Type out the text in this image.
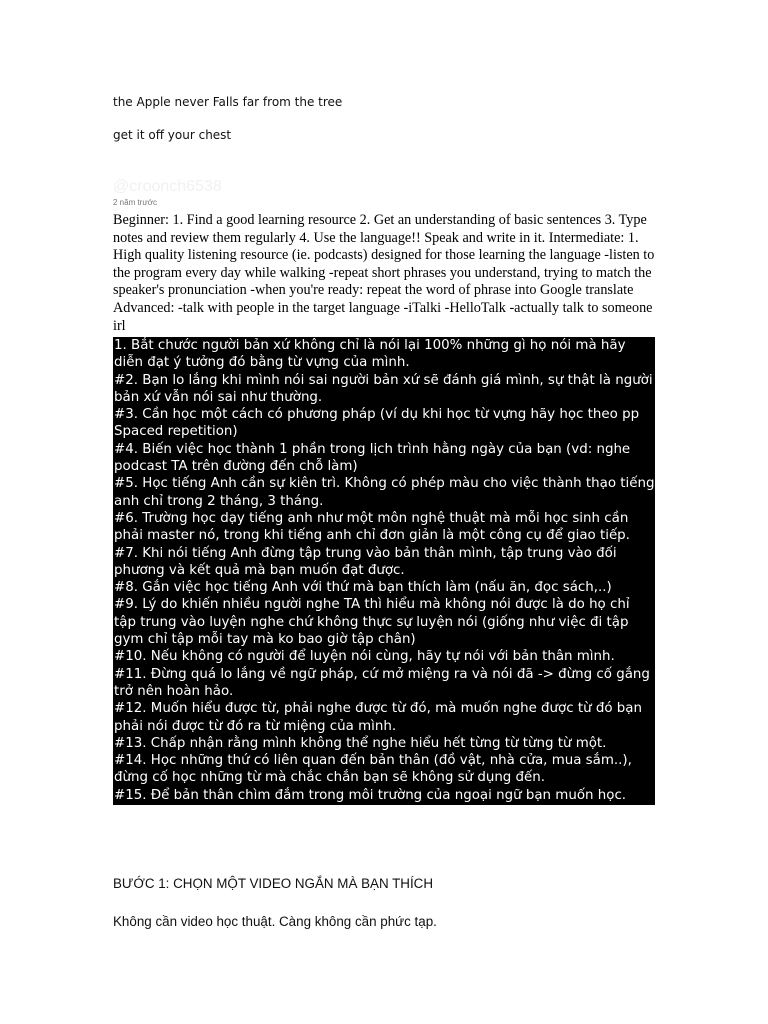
the Apple never Falls far from the tree
get it off your chest
@croonch6538
2 năm trước
Beginner: 1. Find a good learning resource 2. Get an understanding of basic sentences 3. Type notes and review them regularly 4. Use the language!! Speak and write in it. Intermediate: 1. High quality listening resource (ie. podcasts) designed for those learning the language -listen to the program every day while walking -repeat short phrases you understand, trying to match the speaker's pronunciation -when you're ready: repeat the word of phrase into Google translate Advanced: -talk with people in the target language -iTalki -HelloTalk -actually talk to someone irl
1. Bắt chước người bản xứ không chỉ là nói lại 100% những gì họ nói mà hãy diễn đạt ý tưởng đó bằng từ vựng của mình.
#2. Bạn lo lắng khi mình nói sai người bản xứ sẽ đánh giá mình, sự thật là người bản xứ vẫn nói sai như thường.
#3. Cần học một cách có phương pháp (ví dụ khi học từ vựng hãy học theo pp Spaced repetition)
#4. Biến việc học thành 1 phần trong lịch trình hằng ngày của bạn (vd: nghe podcast TA trên đường đến chỗ làm)
#5. Học tiếng Anh cần sự kiên trì. Không có phép màu cho việc thành thạo tiếng anh chỉ trong 2 tháng, 3 tháng.
#6. Trường học dạy tiếng anh như một môn nghệ thuật mà mỗi học sinh cần phải master nó, trong khi tiếng anh chỉ đơn giản là một công cụ để giao tiếp.
#7. Khi nói tiếng Anh đừng tập trung vào bản thân mình, tập trung vào đối phương và kết quả mà bạn muốn đạt được.
#8. Gắn việc học tiếng Anh với thứ mà bạn thích làm (nấu ăn, đọc sách,..)
#9. Lý do khiến nhiều người nghe TA thì hiểu mà không nói được là do họ chỉ tập trung vào luyện nghe chứ không thực sự luyện nói (giống như việc đi tập gym chỉ tập mỗi tay mà ko bao giờ tập chân)
#10. Nếu không có người để luyện nói cùng, hãy tự nói với bản thân mình.
#11. Đừng quá lo lắng về ngữ pháp, cứ mở miệng ra và nói đã -> đừng cố gắng trở nên hoàn hảo.
#12. Muốn hiểu được từ, phải nghe được từ đó, mà muốn nghe được từ đó bạn phải nói được từ đó ra từ miệng của mình.
#13. Chấp nhận rằng mình không thể nghe hiểu hết từng từ từng từ một.
#14. Học những thứ có liên quan đến bản thân (đồ vật, nhà cửa, mua sắm..), đừng cố học những từ mà chắc chắn bạn sẽ không sử dụng đến.
#15. Để bản thân chìm đắm trong môi trường của ngoại ngữ bạn muốn học.
BƯỚC 1: CHỌN MỘT VIDEO NGẮN MÀ BẠN THÍCH
Không cần video học thuật. Càng không cần phức tạp.
